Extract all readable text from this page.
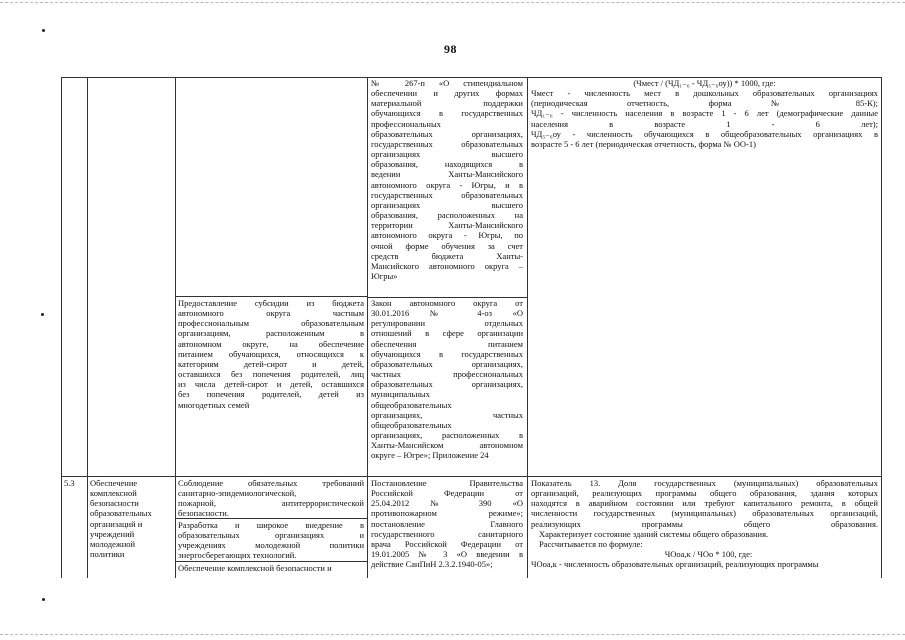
98
№ 267-п «О стипендиальном
обеспечении и других формах
материальной поддержки
обучающихся в государственных
профессиональных
образовательных организациях,
государственных образовательных
организациях высшего
образования, находящихся в
ведении Ханты-Мансийского
автономного округа - Югры, и в
государственных образовательных
организациях высшего
образования, расположенных на
территории Ханты-Мансийского
автономного округа - Югры, по
очной форме обучения за счет
средств бюджета Ханты-
Мансийского автономного округа –
Югры»
(Чмест / (ЧД₁₋₆ - ЧД₅₋₆оу)) * 1000, где:
Чмест - численность мест в дошкольных образовательных организациях
(периодическая отчетность, форма № 85-К);
ЧД₁₋₆ - численность населения в возрасте 1 - 6 лет (демографические данные
населения в возрасте 1 - 6 лет);
ЧД₅₋₆оу - численность обучающихся в общеобразовательных организациях в
возрасте 5 - 6 лет (периодическая отчетность, форма № ОО-1)
Предоставление субсидии из бюджета
автономного округа частным
профессиональным образовательным
организациям, расположенным в
автономном округе, на обеспечение
питанием обучающихся, относящихся к
категориям детей-сирот и детей,
оставшихся без попечения родителей, лиц
из числа детей-сирот и детей, оставшихся
без попечения родителей, детей из
многодетных семей
Закон автономного округа от
30.01.2016 № 4-оз «О
регулировании отдельных
отношений в сфере организации
обеспечения питанием
обучающихся в государственных
образовательных организациях,
частных профессиональных
образовательных организациях,
муниципальных
общеобразовательных
организациях, частных
общеобразовательных
организациях, расположенных в
Ханты-Мансийском автономном
округе – Югре»; Приложение 24
5.3	Обеспечение
комплексной
безопасности
образовательных
организаций и
учреждений
молодежной
политики
Соблюдение обязательных требований
санитарно-эпидемиологической,
пожарной, антитеррористической
безопасности.
Разработка и широкое внедрение в
образовательных организациях и
учреждениях молодежной политики
энергосберегающих технологий.
Обеспечение комплексной безопасности и
Постановление Правительства
Российской Федерации от
25.04.2012 № 390 «О
противопожарном режиме»;
постановление Главного
государственного санитарного
врача Российской Федерации от
19.01.2005 № 3 «О введении в
действие СанПиН 2.3.2.1940-05»;
Показатель 13. Доля государственных (муниципальных) образовательных
организаций, реализующих программы общего образования, здания которых
находятся в аварийном состоянии или требуют капитального ремонта, в общей
численности государственных (муниципальных) образовательных организаций,
реализующих программы общего образования.
Характеризует состояние зданий системы общего образования.
Рассчитывается по формуле:
ЧОоа,к / ЧОо * 100, где:
ЧОоа,к - численность образовательных организаций, реализующих программы
